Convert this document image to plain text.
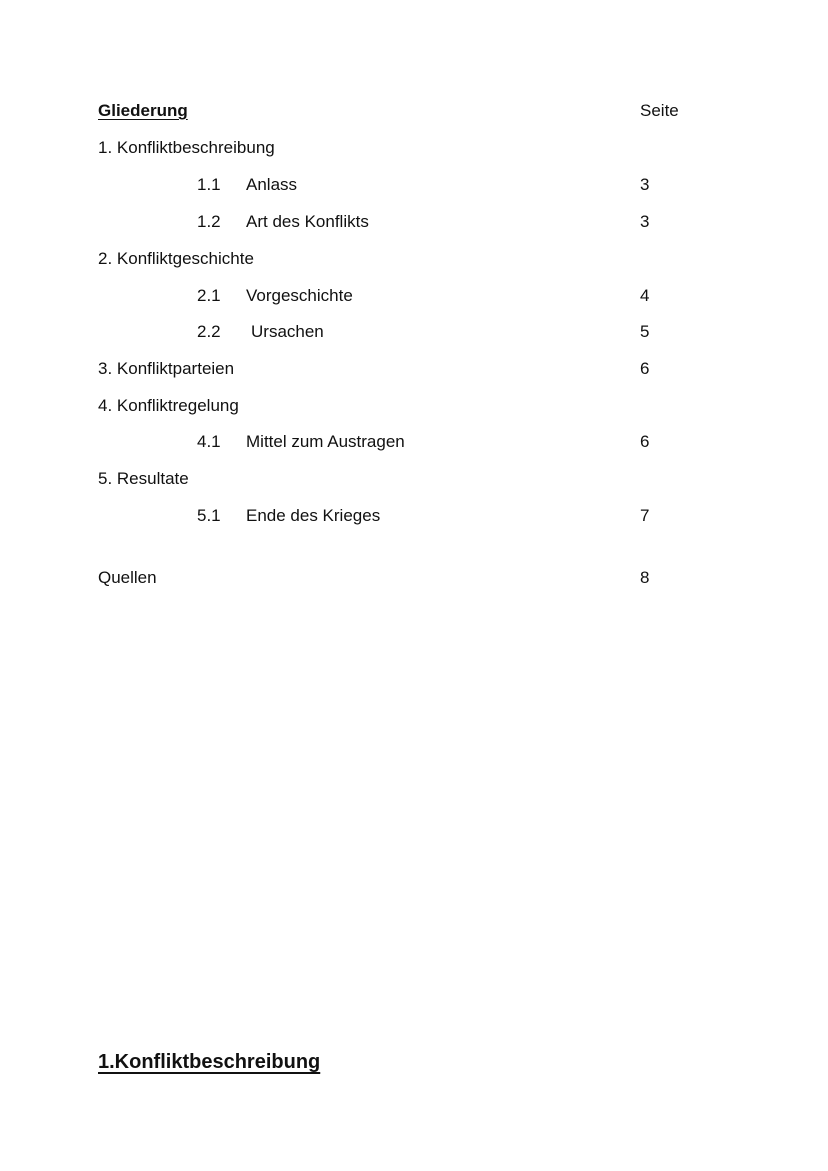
Gliederung	Seite
1. Konfliktbeschreibung
1.1 Anlass	3
1.2 Art des Konflikts	3
2. Konfliktgeschichte
2.1 Vorgeschichte	4
2.2 Ursachen	5
3. Konfliktparteien	6
4. Konfliktregelung
4.1 Mittel zum Austragen	6
5. Resultate
5.1 Ende des Krieges	7
Quellen	8
1.Konfliktbeschreibung
